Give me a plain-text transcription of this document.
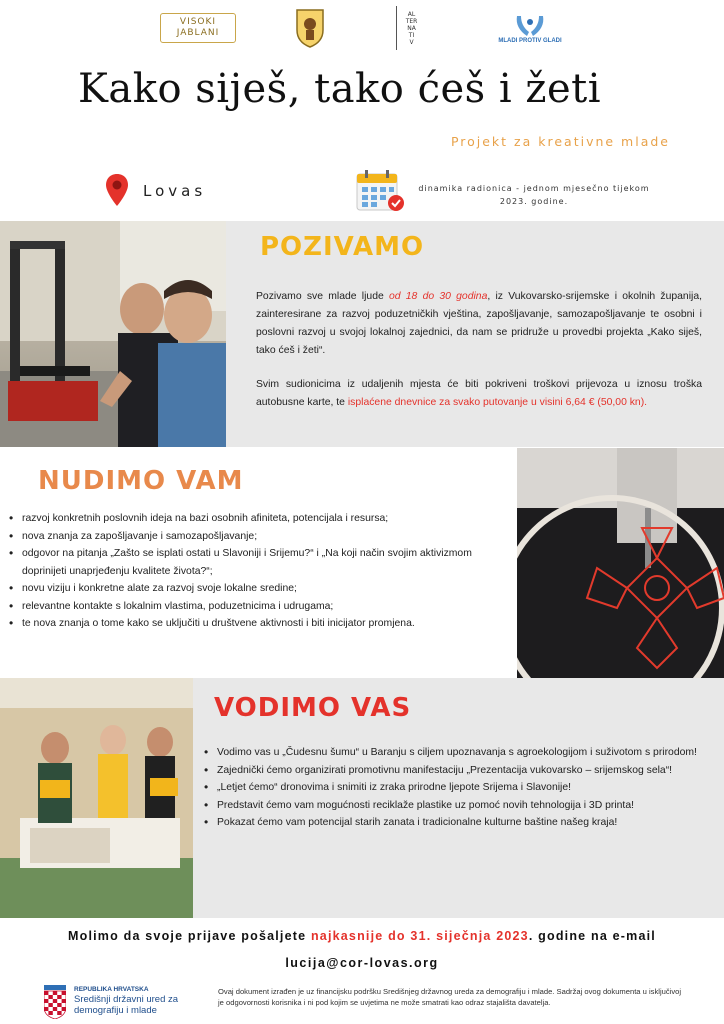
VISOKI
JABLANI
AL
TER
NA
TI
V	MLADI PROTIV GLADI
Kako siješ, tako ćeš i žeti
Projekt za kreativne mlade
Lovas	dinamika radionica - jednom mjesečno tijekom
2023. godine.
POZIVAMO
Pozivamo sve mlade ljude od 18 do 30 godina, iz Vukovarsko-srijemske i okolnih županija, zainteresirane za razvoj poduzetničkih vještina, zapošljavanje, samozapošljavanje te osobni i poslovni razvoj u svojoj lokalnoj zajednici, da nam se pridruže u provedbi projekta „Kako siješ, tako ćeš i žeti“.
Svim sudionicima iz udaljenih mjesta će biti pokriveni troškovi prijevoza u iznosu troška autobusne karte, te isplaćene dnevnice za svako putovanje u visini 6,64 € (50,00 kn).
NUDIMO VAM
• razvoj konkretnih poslovnih ideja na bazi osobnih afiniteta, potencijala i resursa;
• nova znanja za zapošljavanje i samozapošljavanje;
• odgovor na pitanja „Zašto se isplati ostati u Slavoniji i Srijemu?“ i „Na koji način svojim aktivizmom doprinijeti unaprjeđenju kvalitete života?“;
• novu viziju i konkretne alate za razvoj svoje lokalne sredine;
• relevantne kontakte s lokalnim vlastima, poduzetnicima i udrugama;
• te nova znanja o tome kako se uključiti u društvene aktivnosti i biti inicijator promjena.
VODIMO VAS
• Vodimo vas u „Čudesnu šumu“ u Baranju s ciljem upoznavanja s agroekologijom i suživotom s prirodom!
• Zajednički ćemo organizirati promotivnu manifestaciju „Prezentacija vukovarsko – srijemskog sela“!
• „Letjet ćemo“ dronovima i snimiti iz zraka prirodne ljepote Srijema i Slavonije!
• Predstavit ćemo vam mogućnosti reciklaže plastike uz pomoć novih tehnologija i 3D printa!
• Pokazat ćemo vam potencijal starih zanata i tradicionalne kulturne baštine našeg kraja!
Molimo da svoje prijave pošaljete najkasnije do 31. siječnja 2023. godine na e-mail
lucija@cor-lovas.org
REPUBLIKA HRVATSKA
Središnji državni ured za
demografiju i mlade
Ovaj dokument izrađen je uz financijsku podršku Središnjeg državnog ureda za demografiju i mlade. Sadržaj ovog dokumenta u isključivoj je odgovornosti korisnika i ni pod kojim se uvjetima ne može smatrati kao odraz stajališta davatelja.
